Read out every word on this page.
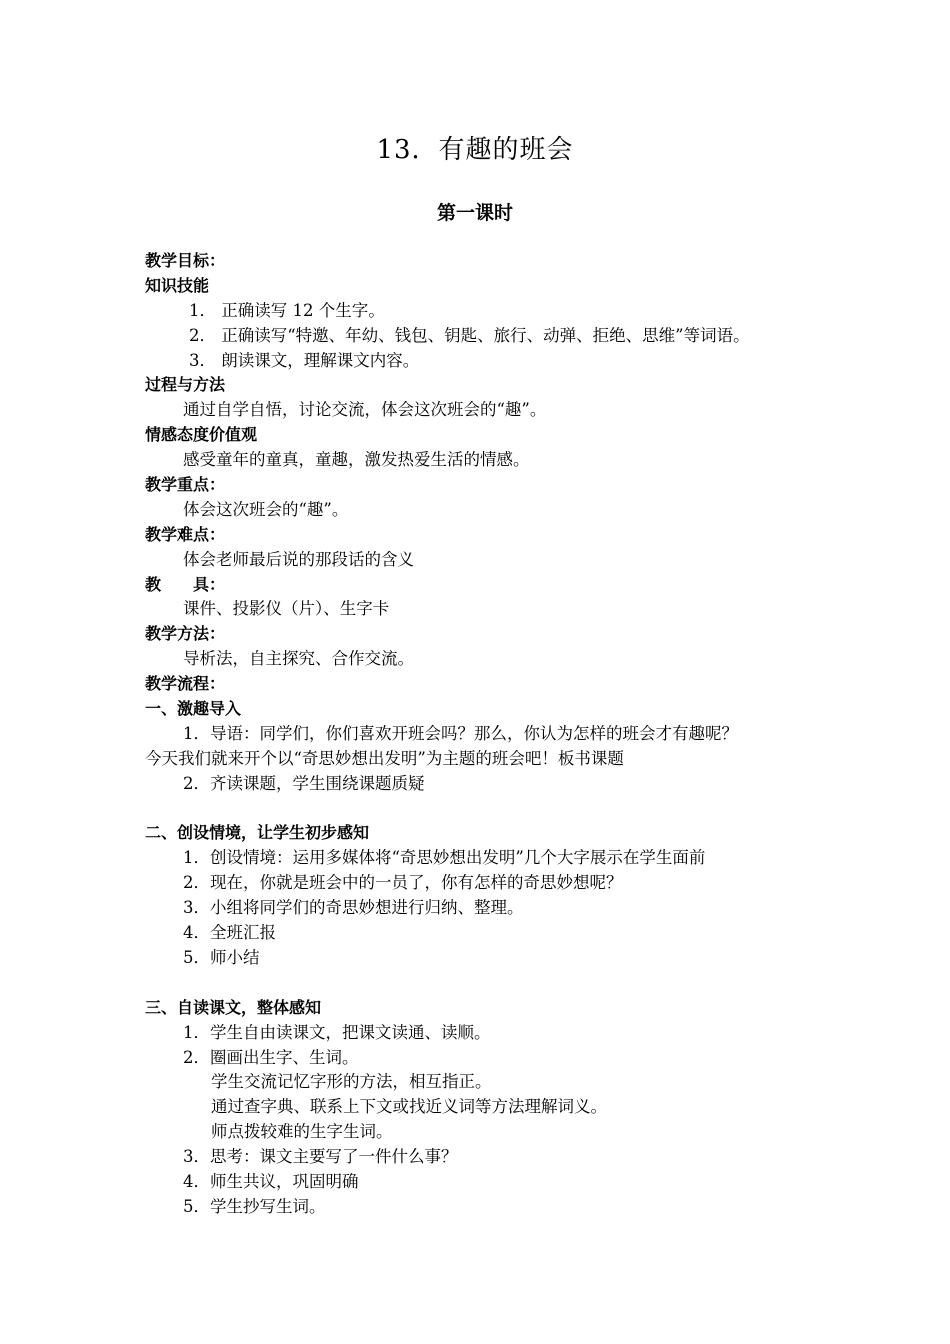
13．有趣的班会
第一课时
教学目标：
知识技能
1． 正确读写 12 个生字。
2． 正确读写“特邀、年幼、钱包、钥匙、旅行、动弹、拒绝、思维”等词语。
3． 朗读课文，理解课文内容。
过程与方法
通过自学自悟，讨论交流，体会这次班会的“趣”。
情感态度价值观
感受童年的童真，童趣，激发热爱生活的情感。
教学重点：
体会这次班会的“趣”。
教学难点：
体会老师最后说的那段话的含义
教　　具：
课件、投影仪（片）、生字卡
教学方法：
导析法，自主探究、合作交流。
教学流程：
一、激趣导入
1．导语：同学们，你们喜欢开班会吗？那么，你认为怎样的班会才有趣呢？
今天我们就来开个以“奇思妙想出发明”为主题的班会吧！板书课题
2．齐读课题，学生围绕课题质疑
二、创设情境，让学生初步感知
1．创设情境：运用多媒体将“奇思妙想出发明”几个大字展示在学生面前
2．现在，你就是班会中的一员了，你有怎样的奇思妙想呢？
3．小组将同学们的奇思妙想进行归纳、整理。
4．全班汇报
5．师小结
三、自读课文，整体感知
1．学生自由读课文，把课文读通、读顺。
2．圈画出生字、生词。
学生交流记忆字形的方法，相互指正。
通过查字典、联系上下文或找近义词等方法理解词义。
师点拨较难的生字生词。
3．思考：课文主要写了一件什么事？
4．师生共议，巩固明确
5．学生抄写生词。
